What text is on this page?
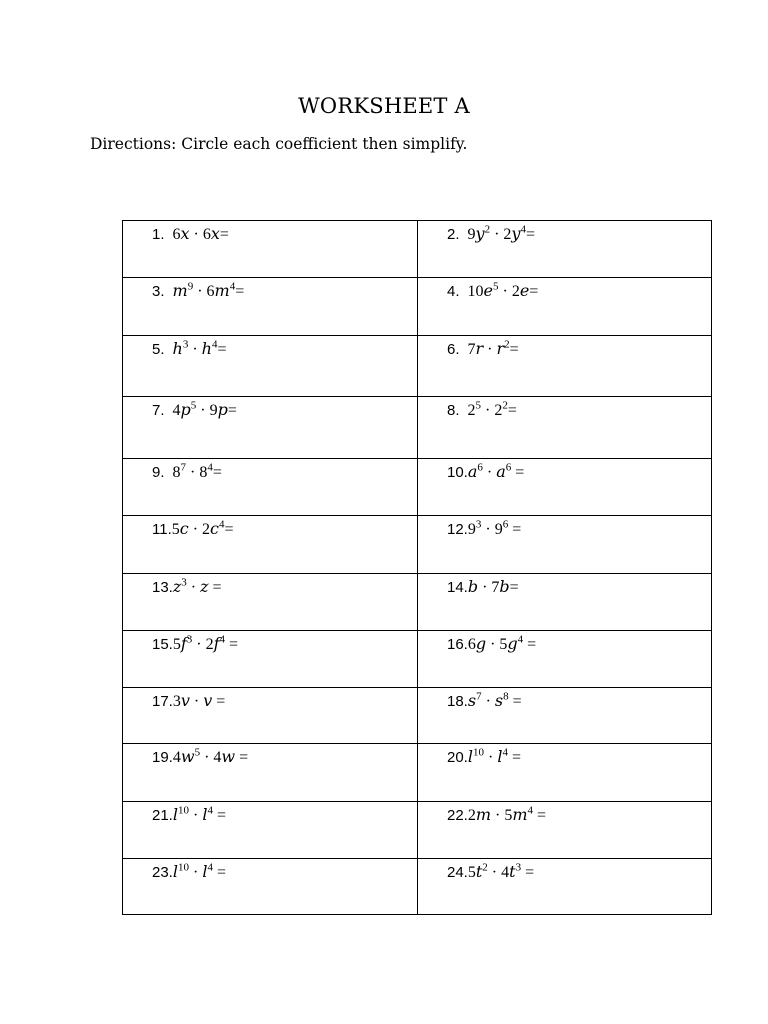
WORKSHEET A
Directions: Circle each coefficient then simplify.
1. 6𝑥 · 6𝑥=	2. 9𝑦$^2$ · 2𝑦$^4$=

3. 𝑚$^9$ · 6𝑚$^4$=	4. 10𝑒$^5$ · 2𝑒=

5. ℎ$^3$ · ℎ$^4$=	6. 7𝑟 · 𝑟$^2$=

7. 4𝑝$^5$ · 9𝑝=	8. $2^5 \cdot 2^2=$

9. $8^7 \cdot 8^4=$	10.𝑎$^6$ · 𝑎$^6$ =

11.5𝑐 · 2𝑐$^4$=	$12.9^3 \cdot 9^6$ =

13.𝑧$^3$ · 𝑧 =	14.𝑏 · 7𝑏=

15.5𝑓$^3$ · 2𝑓$^4$ =	16.6𝑔 · 5𝑔$^4$ =

17.3𝑣 · 𝑣 =	18.𝑠$^7$ · 𝑠$^8$ =

19.4𝑤$^5$ · 4𝑤 =	20.𝑙$^{10}$ · 𝑙$^4$ =

21.𝑙$^{10}$ · 𝑙$^4$ =	22.2𝑚 · 5𝑚$^4$ =

23.𝑙$^{10}$ · 𝑙$^4$ =	24.5𝑡$^2$ · 4𝑡$^3$ =
